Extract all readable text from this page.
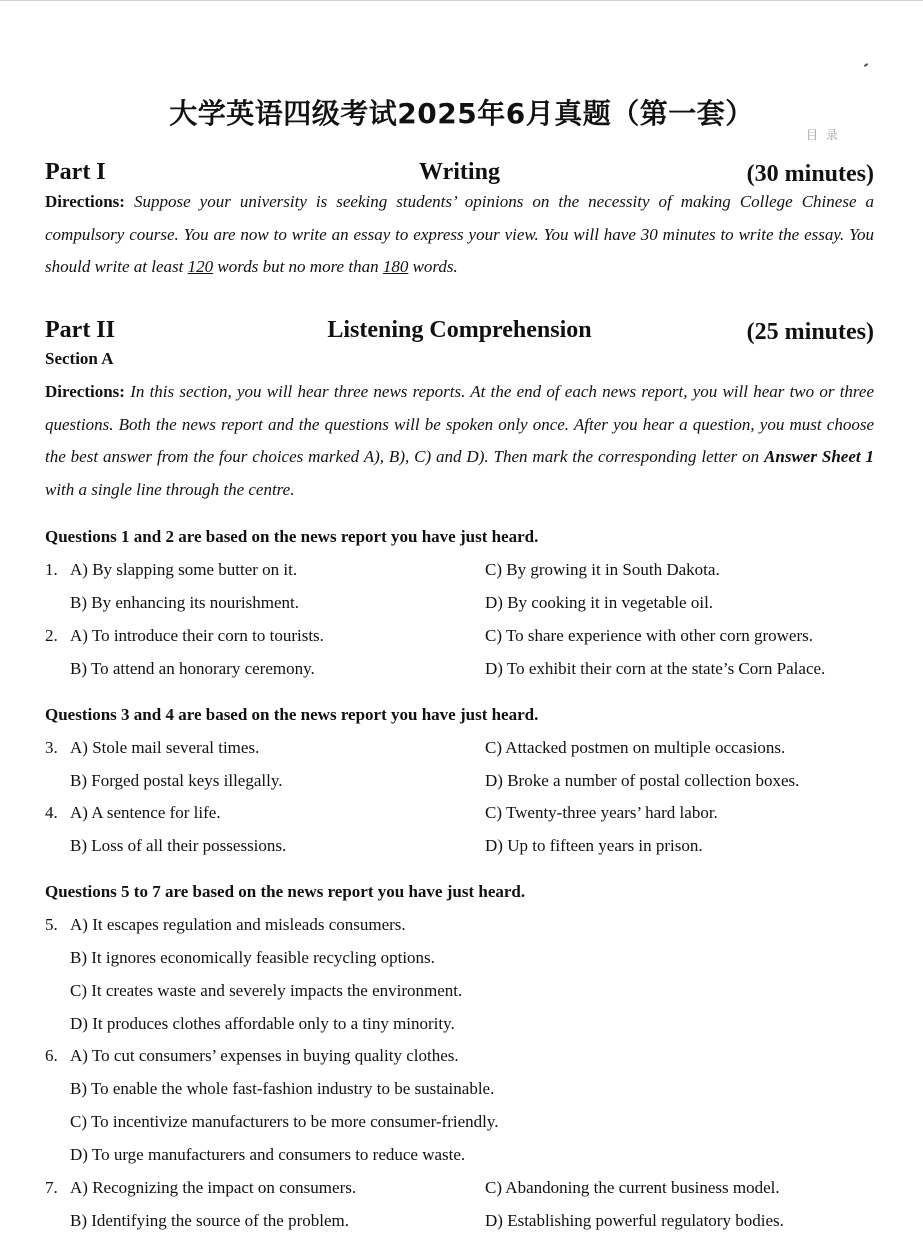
目 录
大学英语四级考试2025年6月真题（第一套）
Part I	Writing	(30 minutes)
Directions: Suppose your university is seeking students’ opinions on the necessity of making College Chinese a compulsory course. You are now to write an essay to express your view. You will have 30 minutes to write the essay. You should write at least 120 words but no more than 180 words.
Part II	Listening Comprehension	(25 minutes)
Section A
Directions: In this section, you will hear three news reports. At the end of each news report, you will hear two or three questions. Both the news report and the questions will be spoken only once. After you hear a question, you must choose the best answer from the four choices marked A), B), C) and D). Then mark the corresponding letter on Answer Sheet 1 with a single line through the centre.
Questions 1 and 2 are based on the news report you have just heard.
1. A) By slapping some butter on it.	C) By growing it in South Dakota.
B) By enhancing its nourishment.	D) By cooking it in vegetable oil.
2. A) To introduce their corn to tourists.	C) To share experience with other corn growers.
B) To attend an honorary ceremony.	D) To exhibit their corn at the state’s Corn Palace.
Questions 3 and 4 are based on the news report you have just heard.
3. A) Stole mail several times.	C) Attacked postmen on multiple occasions.
B) Forged postal keys illegally.	D) Broke a number of postal collection boxes.
4. A) A sentence for life.	C) Twenty-three years’ hard labor.
B) Loss of all their possessions.	D) Up to fifteen years in prison.
Questions 5 to 7 are based on the news report you have just heard.
5. A) It escapes regulation and misleads consumers.
B) It ignores economically feasible recycling options.
C) It creates waste and severely impacts the environment.
D) It produces clothes affordable only to a tiny minority.
6. A) To cut consumers’ expenses in buying quality clothes.
B) To enable the whole fast-fashion industry to be sustainable.
C) To incentivize manufacturers to be more consumer-friendly.
D) To urge manufacturers and consumers to reduce waste.
7. A) Recognizing the impact on consumers.	C) Abandoning the current business model.
B) Identifying the source of the problem.	D) Establishing powerful regulatory bodies.
